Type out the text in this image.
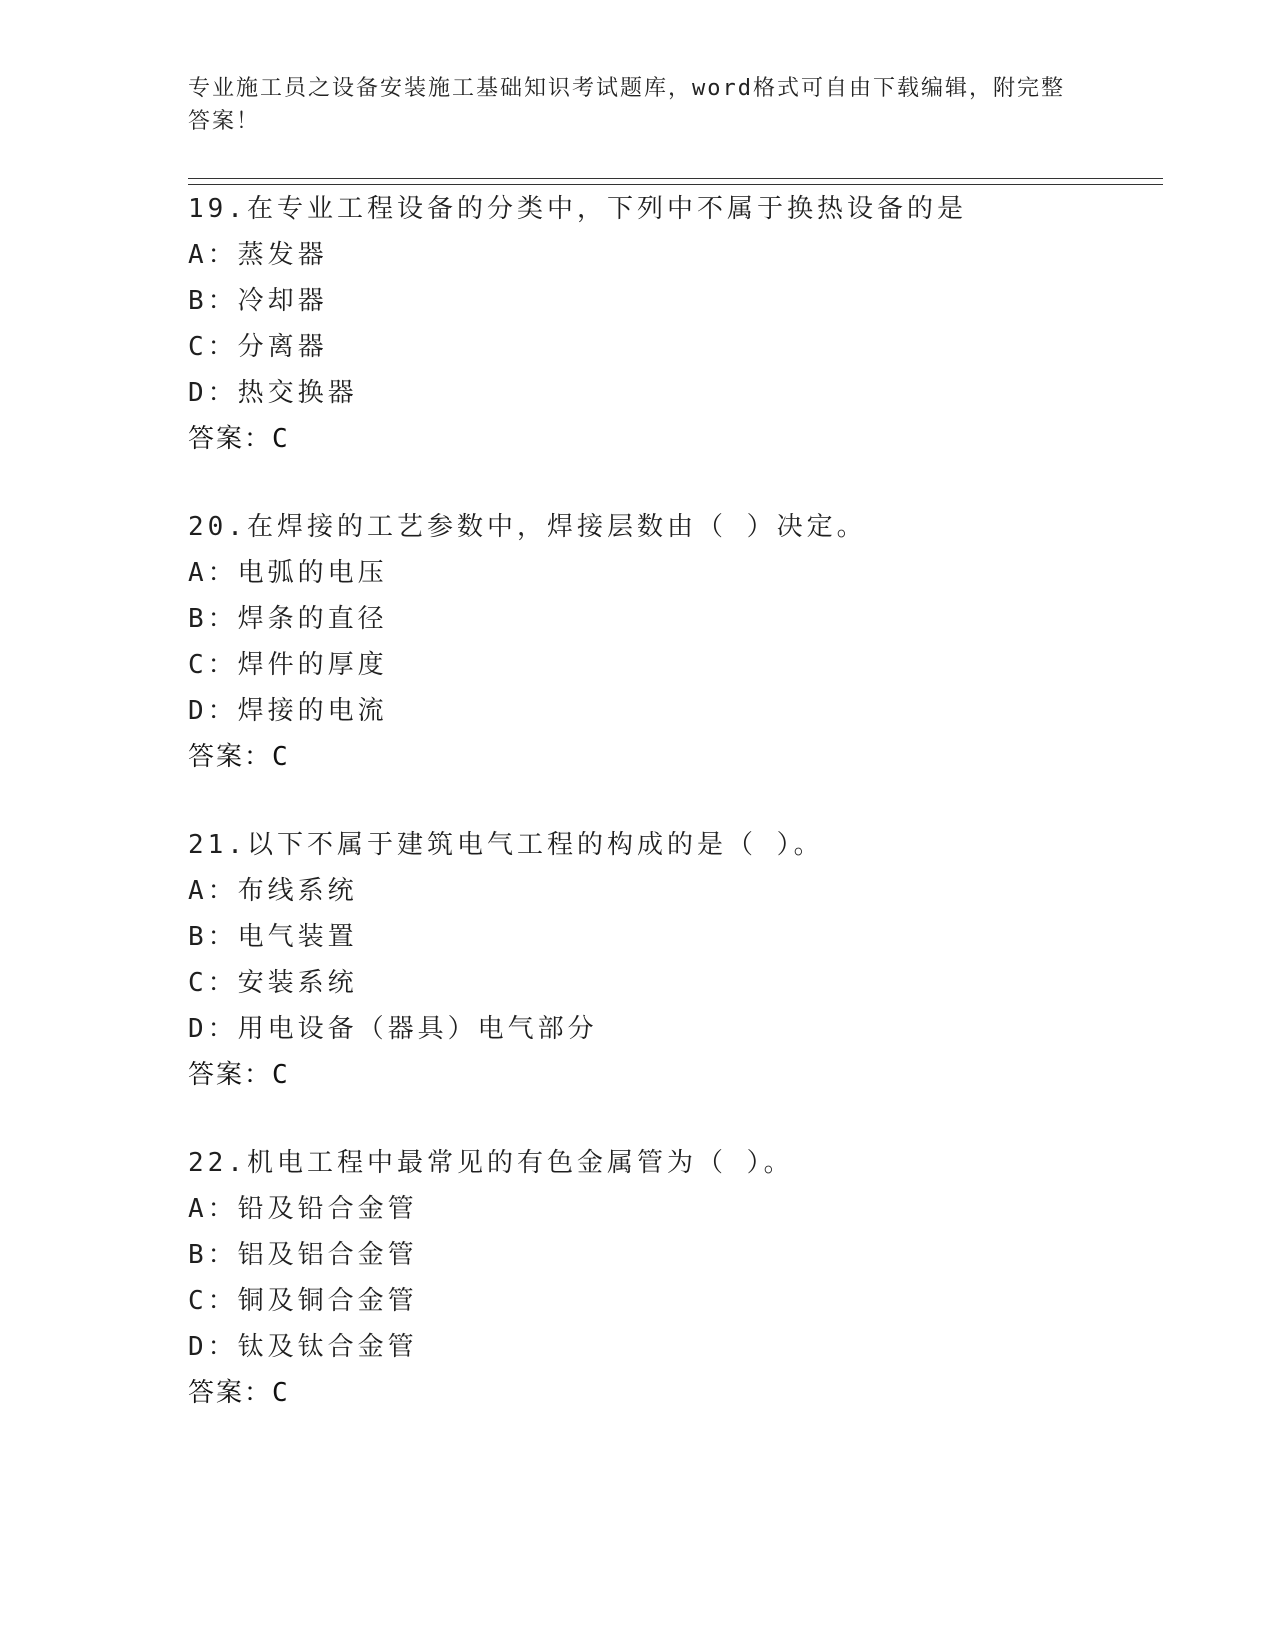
专业施工员之设备安装施工基础知识考试题库，word格式可自由下载编辑，附完整答案！
19.在专业工程设备的分类中，下列中不属于换热设备的是
A：蒸发器
B：冷却器
C：分离器
D：热交换器
答案：C
20.在焊接的工艺参数中，焊接层数由（ ）决定。
A：电弧的电压
B：焊条的直径
C：焊件的厚度
D：焊接的电流
答案：C
21.以下不属于建筑电气工程的构成的是（ ）。
A：布线系统
B：电气装置
C：安装系统
D：用电设备（器具）电气部分
答案：C
22.机电工程中最常见的有色金属管为（ ）。
A：铅及铅合金管
B：铝及铝合金管
C：铜及铜合金管
D：钛及钛合金管
答案：C
